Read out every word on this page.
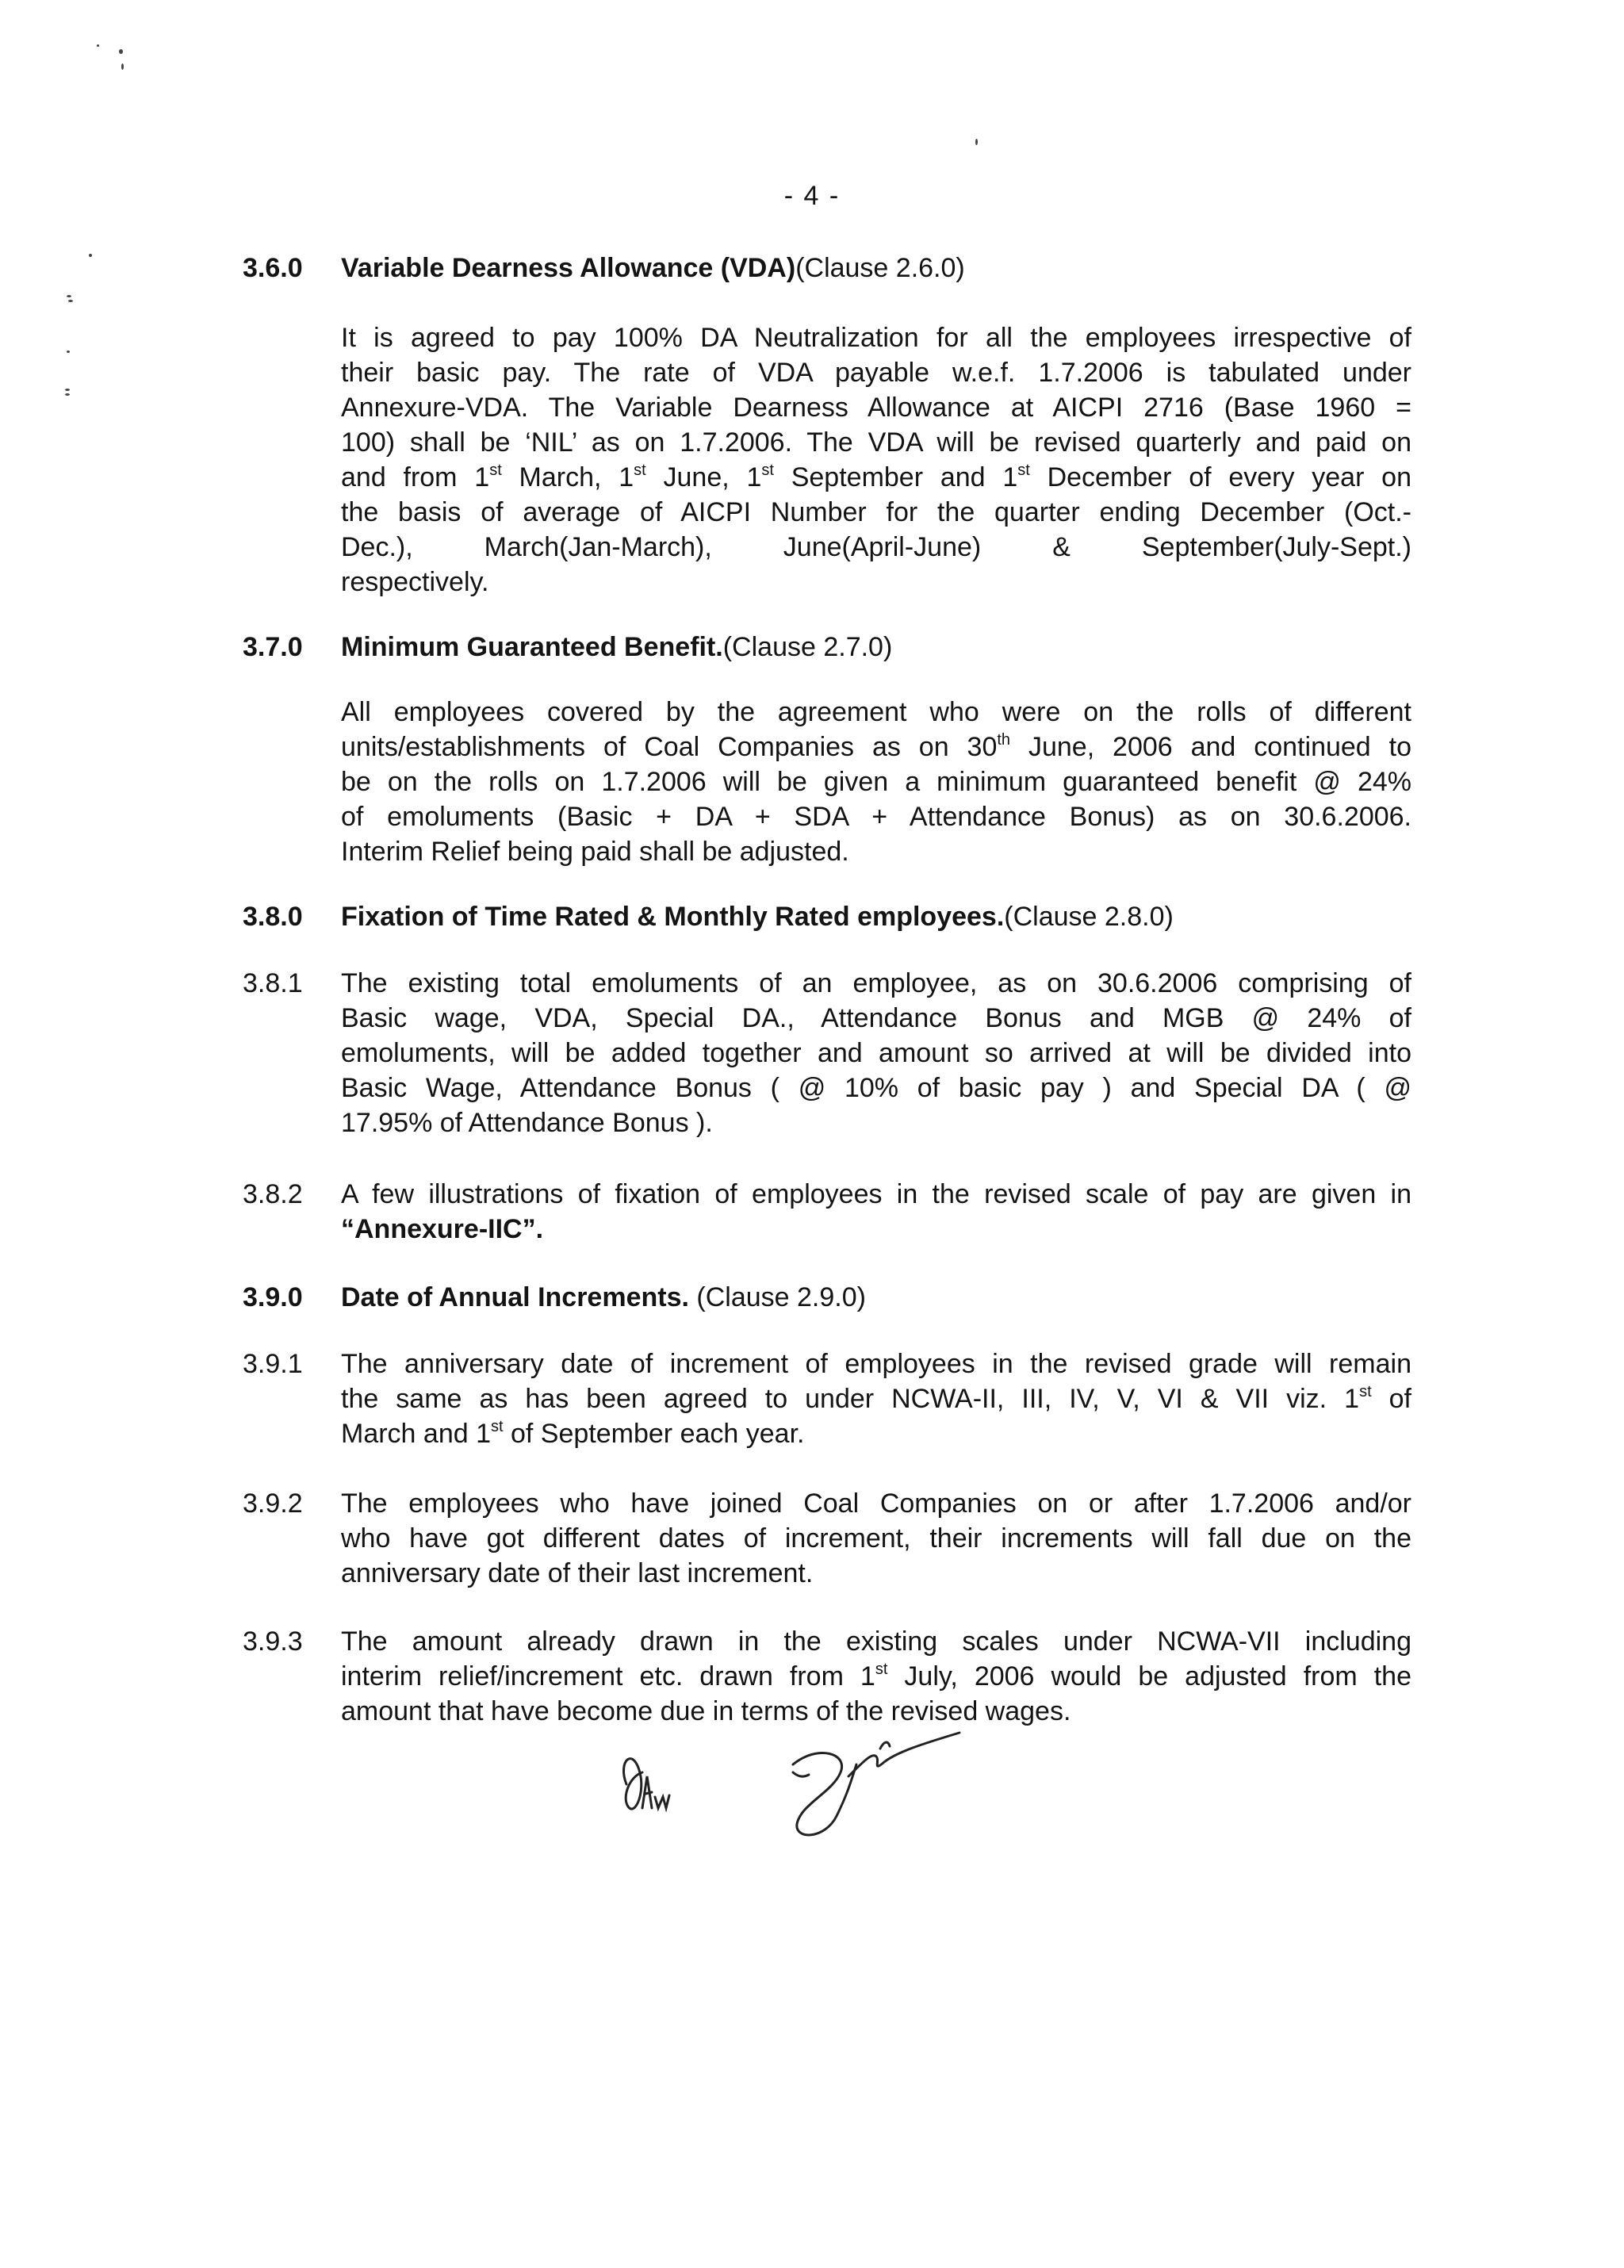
- 4 -
3.6.0 Variable Dearness Allowance (VDA)(Clause 2.6.0)
It is agreed to pay 100% DA Neutralization for all the employees irrespective of
their basic pay. The rate of VDA payable w.e.f. 1.7.2006 is tabulated under
Annexure-VDA. The Variable Dearness Allowance at AICPI 2716 (Base 1960 =
100) shall be ‘NIL’ as on 1.7.2006. The VDA will be revised quarterly and paid on
and from 1st March, 1st June, 1st September and 1st December of every year on
the basis of average of AICPI Number for the quarter ending December (Oct.-
Dec.),	March(Jan-March),	June(April-June)	&	September(July-Sept.)
respectively.
3.7.0 Minimum Guaranteed Benefit.(Clause 2.7.0)
All employees covered by the agreement who were on the rolls of different
units/establishments of Coal Companies as on 30th June, 2006 and continued to
be on the rolls on 1.7.2006 will be given a minimum guaranteed benefit @ 24%
of emoluments (Basic + DA + SDA + Attendance Bonus) as on 30.6.2006.
Interim Relief being paid shall be adjusted.
3.8.0 Fixation of Time Rated & Monthly Rated employees.(Clause 2.8.0)
3.8.1 The existing total emoluments of an employee, as on 30.6.2006 comprising of
Basic wage, VDA, Special DA., Attendance Bonus and MGB @ 24% of
emoluments, will be added together and amount so arrived at will be divided into
Basic Wage, Attendance Bonus ( @ 10% of basic pay ) and Special DA ( @
17.95% of Attendance Bonus ).
3.8.2 A few illustrations of fixation of employees in the revised scale of pay are given in
“Annexure-IIC”.
3.9.0 Date of Annual Increments. (Clause 2.9.0)
3.9.1 The anniversary date of increment of employees in the revised grade will remain
the same as has been agreed to under NCWA-II, III, IV, V, VI & VII viz. 1st of
March and 1st of September each year.
3.9.2 The employees who have joined Coal Companies on or after 1.7.2006 and/or
who have got different dates of increment, their increments will fall due on the
anniversary date of their last increment.
3.9.3 The amount already drawn in the existing scales under NCWA-VII including
interim relief/increment etc. drawn from 1st July, 2006 would be adjusted from the
amount that have become due in terms of the revised wages.
